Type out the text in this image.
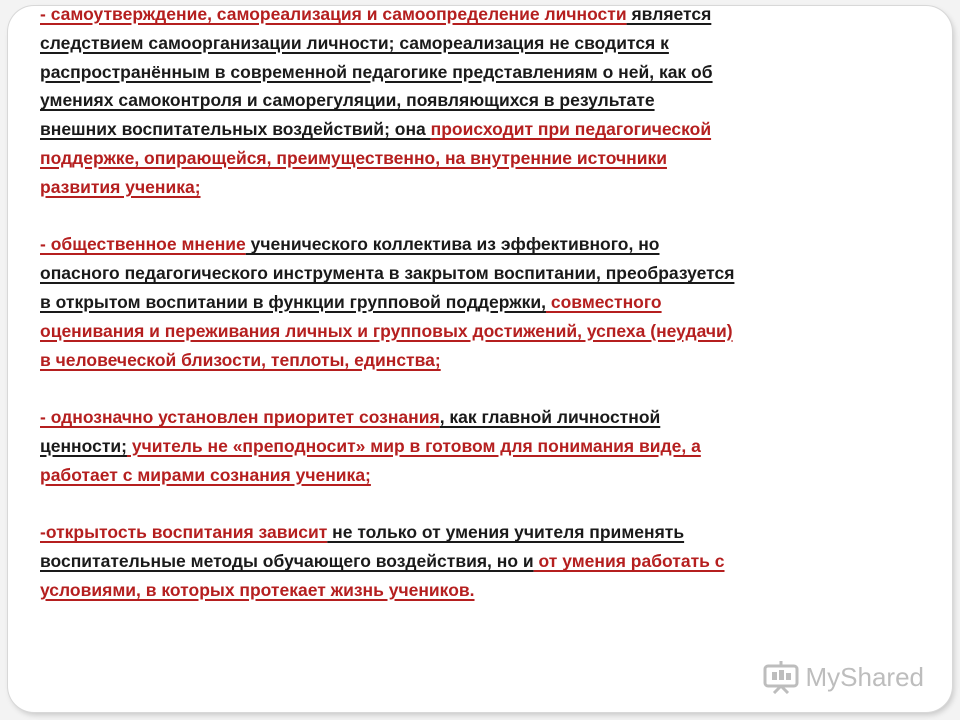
- самоутверждение, самореализация и самоопределение личности является
следствием самоорганизации личности; самореализация не сводится к
распространённым в современной педагогике представлениям о ней, как об
умениях самоконтроля и саморегуляции, появляющихся в результате
внешних воспитательных воздействий; она происходит при педагогической
поддержке, опирающейся, преимущественно, на внутренние источники
развития ученика;
- общественное мнение ученического коллектива из эффективного, но
опасного педагогического инструмента в закрытом воспитании, преобразуется
в открытом воспитании в функции групповой поддержки, совместного
оценивания и переживания личных и групповых достижений, успеха (неудачи)
в человеческой близости, теплоты, единства;
- однозначно установлен приоритет сознания, как главной личностной
ценности; учитель не «преподносит» мир в готовом для понимания виде, а
работает с мирами сознания ученика;
-открытость воспитания зависит не только от умения учителя применять
воспитательные методы обучающего воздействия, но и от умения работать с
условиями, в которых протекает жизнь учеников.
MyShared
